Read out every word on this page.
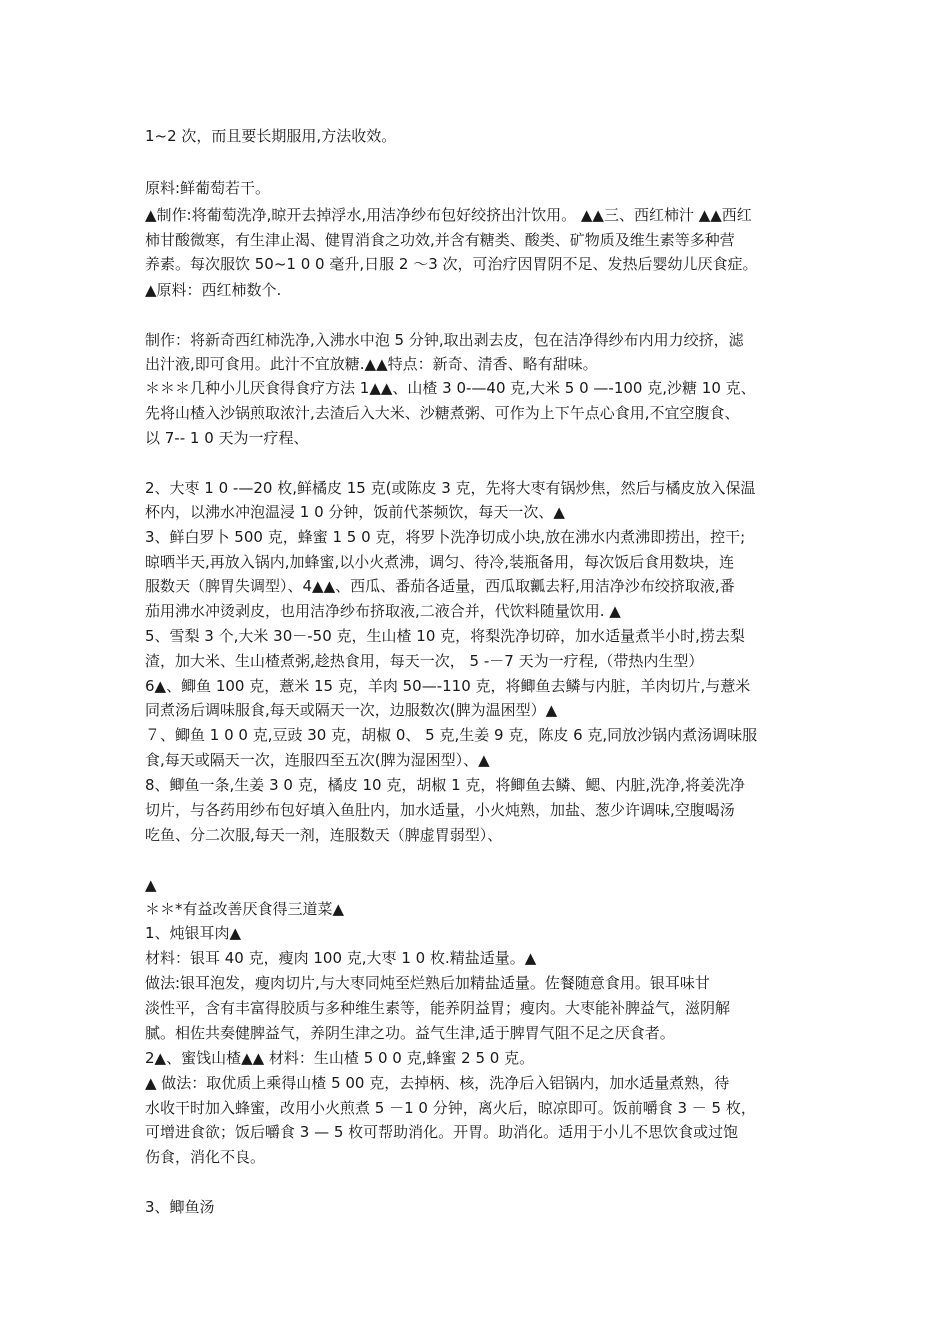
1~2 次，而且要长期服用,方法收效。
原料:鲜葡萄若干。
▲制作:将葡萄洗净,晾开去掉浮水,用洁净纱布包好绞挤出汁饮用。 ▲▲三、西红柿汁 ▲▲西红
柿甘酸微寒，有生津止渴、健胃消食之功效,并含有糖类、酸类、矿物质及维生素等多种营
养素。每次服饮 50~1 0 0 毫升,日服 2 ～3 次，可治疗因胃阴不足、发热后婴幼儿厌食症。
▲原料：西红柿数个.
制作：将新奇西红柿洗净,入沸水中泡 5 分钟,取出剥去皮，包在洁净得纱布内用力绞挤，滤
出汁液,即可食用。此汁不宜放糖.▲▲特点：新奇、清香、略有甜味。
＊＊＊几种小儿厌食得食疗方法 1▲▲、山楂 3 0-—40 克,大米 5 0 —-100 克,沙糖 10 克、
先将山楂入沙锅煎取浓汁,去渣后入大米、沙糖煮粥、可作为上下午点心食用,不宜空腹食、
以 7-- 1 0 天为一疗程、
2、大枣 1 0 -—20 枚,鲜橘皮 15 克(或陈皮 3 克，先将大枣有锅炒焦，然后与橘皮放入保温
杯内，以沸水冲泡温浸 1 0 分钟，饭前代茶频饮，每天一次、▲
3、鲜白罗卜 500 克，蜂蜜 1 5 0 克，将罗卜洗净切成小块,放在沸水内煮沸即捞出，控干;
晾晒半天,再放入锅内,加蜂蜜,以小火煮沸，调匀、待冷,装瓶备用，每次饭后食用数块，连
服数天（脾胃失调型）、4▲▲、西瓜、番茄各适量，西瓜取瓤去籽,用洁净沙布绞挤取液,番
茄用沸水冲烫剥皮，也用洁净纱布挤取液,二液合并，代饮料随量饮用. ▲
5、雪梨 3 个,大米 30－-50 克，生山楂 10 克，将梨洗净切碎，加水适量煮半小时,捞去梨
渣，加大米、生山楂煮粥,趁热食用，每天一次， 5 -－7 天为一疗程,（带热内生型）
6▲、鲫鱼 100 克，薏米 15 克，羊肉 50—-110 克，将鲫鱼去鳞与内脏，羊肉切片,与薏米
同煮汤后调味服食,每天或隔天一次，边服数次(脾为温困型）▲
７、鲫鱼 1 0 0 克,豆豉 30 克，胡椒 0、 5 克,生姜 9 克，陈皮 6 克,同放沙锅内煮汤调味服
食,每天或隔天一次，连服四至五次(脾为湿困型）、▲
8、鲫鱼一条,生姜 3 0 克，橘皮 10 克，胡椒 1 克，将鲫鱼去鳞、鳃、内脏,洗净,将姜洗净
切片，与各药用纱布包好填入鱼肚内，加水适量，小火炖熟，加盐、葱少许调味,空腹喝汤
吃鱼、分二次服,每天一剂，连服数天（脾虚胃弱型）、
▲
＊＊*有益改善厌食得三道菜▲
1、炖银耳肉▲
材料：银耳 40 克，瘦肉 100 克,大枣 1 0 枚.精盐适量。▲
做法:银耳泡发，瘦肉切片,与大枣同炖至烂熟后加精盐适量。佐餐随意食用。银耳味甘
淡性平，含有丰富得胶质与多种维生素等，能养阴益胃；瘦肉。大枣能补脾益气，滋阴解
腻。相佐共奏健脾益气，养阴生津之功。益气生津,适于脾胃气阻不足之厌食者。
2▲、蜜饯山楂▲▲ 材料：生山楂 5 0 0 克,蜂蜜 2 5 0 克。
▲ 做法：取优质上乘得山楂 5 00 克，去掉柄、核，洗净后入铝锅内，加水适量煮熟，待
水收干时加入蜂蜜，改用小火煎煮 5 －1 0 分钟，离火后，晾凉即可。饭前嚼食 3 － 5 枚，
可增进食欲；饭后嚼食 3 — 5 枚可帮助消化。开胃。助消化。适用于小儿不思饮食或过饱
伤食，消化不良。
3、鲫鱼汤
